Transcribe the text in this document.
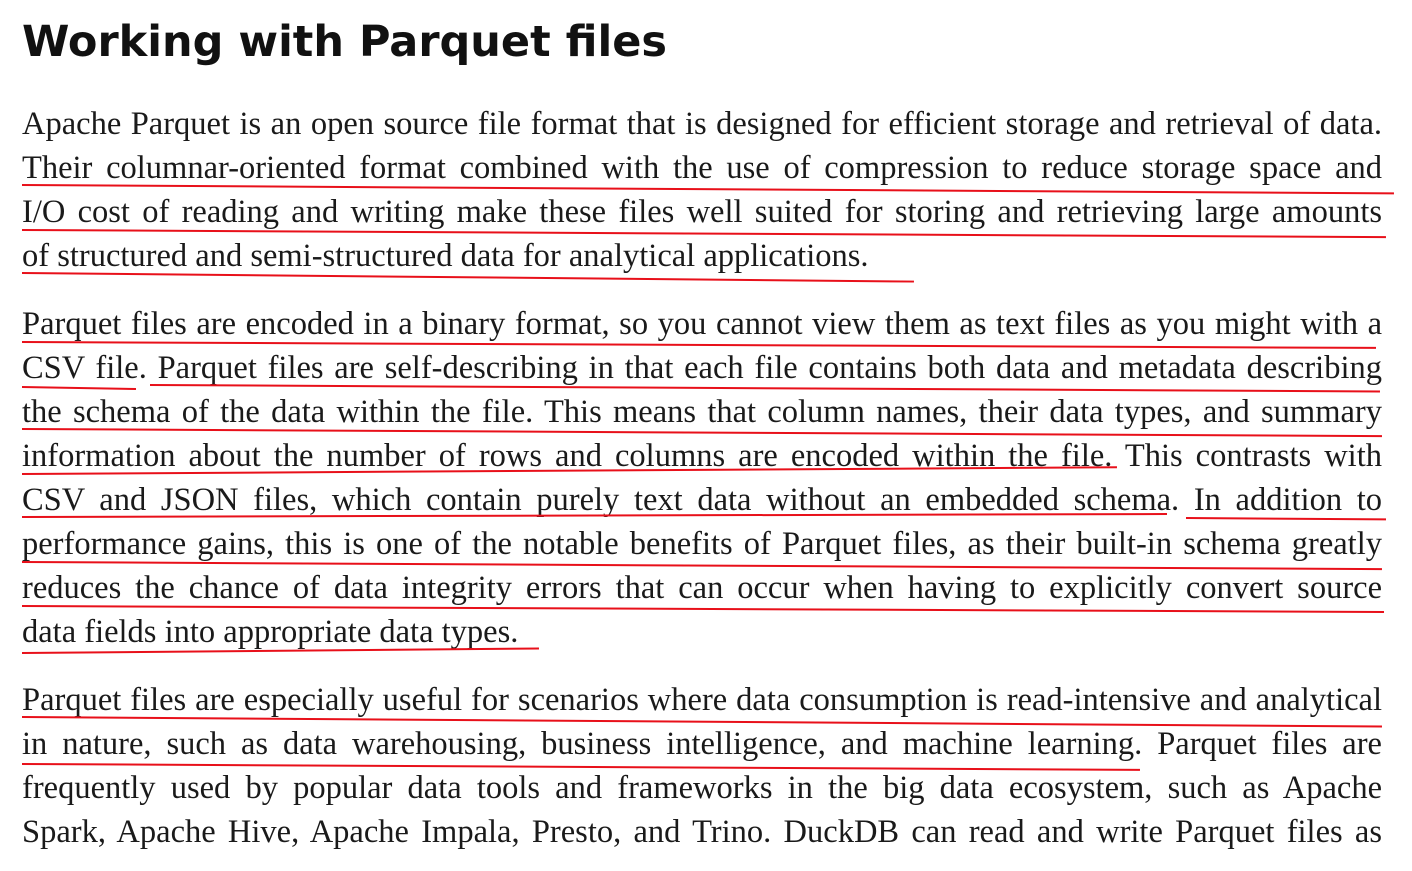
Working with Parquet files
Apache Parquet is an open source file format that is designed for efficient storage and retrieval of data.
Their columnar-oriented format combined with the use of compression to reduce storage space and
I/O cost of reading and writing make these files well suited for storing and retrieving large amounts
of structured and semi-structured data for analytical applications.
Parquet files are encoded in a binary format, so you cannot view them as text files as you might with a
CSV file. Parquet files are self-describing in that each file contains both data and metadata describing
the schema of the data within the file. This means that column names, their data types, and summary
information about the number of rows and columns are encoded within the file. This contrasts with
CSV and JSON files, which contain purely text data without an embedded schema. In addition to
performance gains, this is one of the notable benefits of Parquet files, as their built-in schema greatly
reduces the chance of data integrity errors that can occur when having to explicitly convert source
data fields into appropriate data types.
Parquet files are especially useful for scenarios where data consumption is read-intensive and analytical
in nature, such as data warehousing, business intelligence, and machine learning. Parquet files are
frequently used by popular data tools and frameworks in the big data ecosystem, such as Apache
Spark, Apache Hive, Apache Impala, Presto, and Trino. DuckDB can read and write Parquet files as
